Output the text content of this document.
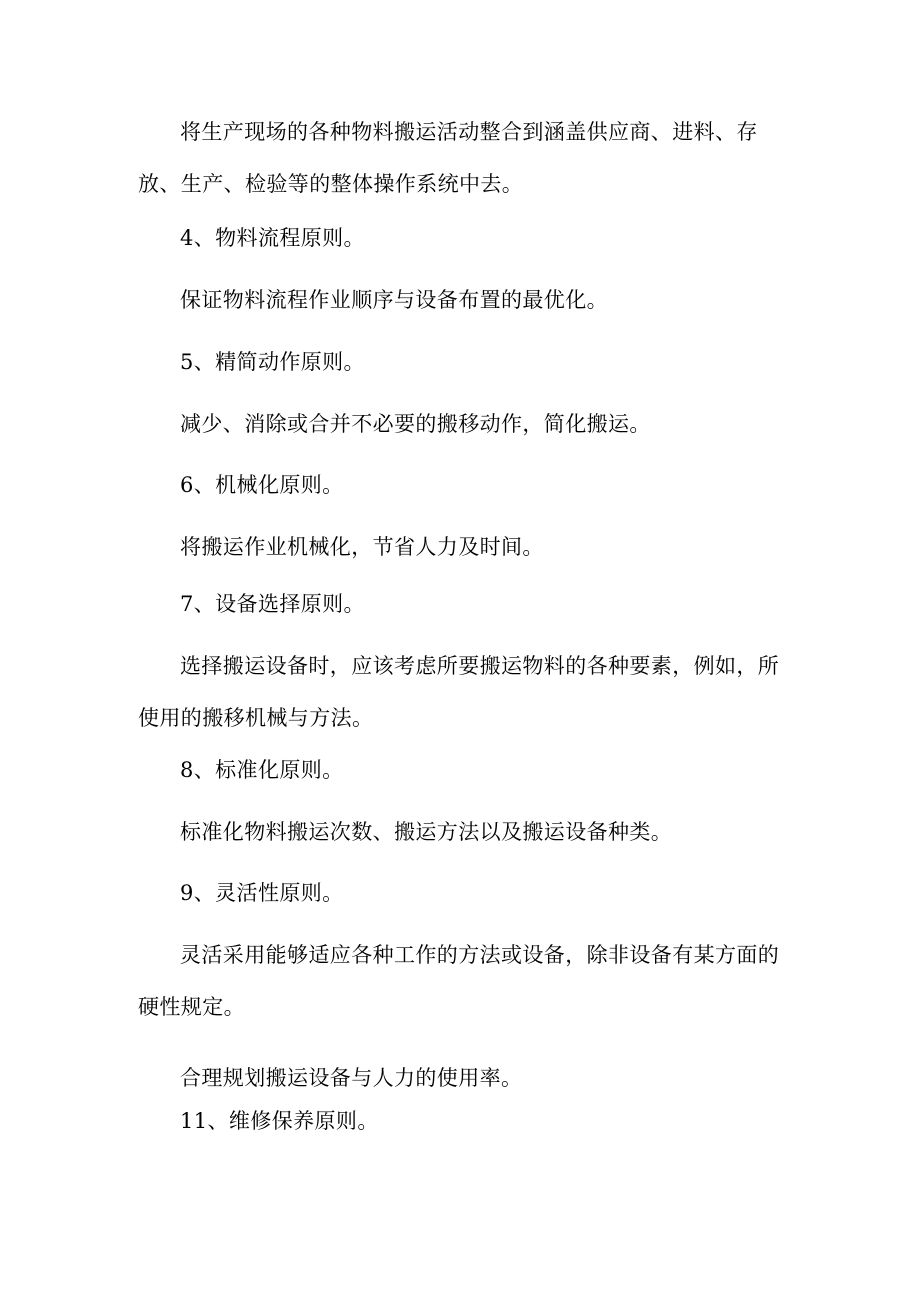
将生产现场的各种物料搬运活动整合到涵盖供应商、进料、存放、生产、检验等的整体操作系统中去。

4、物料流程原则。

保证物料流程作业顺序与设备布置的最优化。

5、精简动作原则。

减少、消除或合并不必要的搬移动作，简化搬运。

6、机械化原则。

将搬运作业机械化，节省人力及时间。

7、设备选择原则。

选择搬运设备时，应该考虑所要搬运物料的各种要素，例如，所使用的搬移机械与方法。

8、标准化原则。

标准化物料搬运次数、搬运方法以及搬运设备种类。

9、灵活性原则。

灵活采用能够适应各种工作的方法或设备，除非设备有某方面的硬性规定。

合理规划搬运设备与人力的使用率。

11、维修保养原则。
